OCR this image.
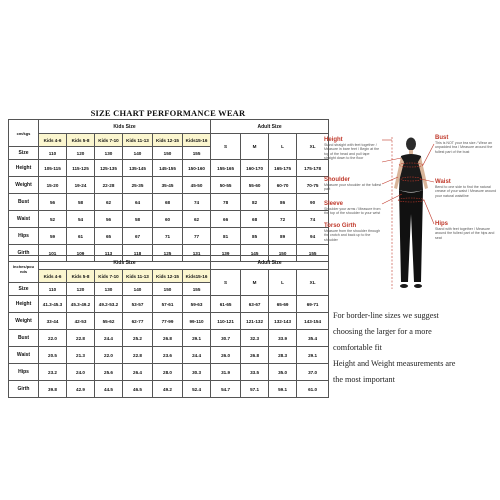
SIZE CHART PERFORMANCE WEAR
cm/kgs	Kids Size						Adult Size			
	Kids 4-6	Kids 5-8	Kids 7-10	Kids 11-13	Kids 12-15	Kids15-16	S	M	L	XL
Size	110	120	130	140	150	155				
Height	105-115	115-125	125-135	135-145	145-155	150-160	155-165	160-170	165-175	175-178
Weight	15-20	19-24	22-28	25-35	35-45	45-50	50-55	55-60	60-70	70-75
Bust	56	58	62	64	68	74	78	82	86	90
Waist	52	54	56	58	60	62	66	68	72	74
Hips	59	61	65	67	71	77	81	85	89	94
Girth	101	109	113	118	125	131	139	145	150	155
Inches/pou nds	Kids Size						Adult Size			
	Kids 4-6	Kids 5-8	Kids 7-10	Kids 11-13	Kids 12-15	Kids15-16	S	M	L	XL
Size	110	120	130	140	150	155				
Height	41.3-45.3	45.3-49.2	49.2-53.2	53-57	57-61	59-63	61-65	63-67	65-69	69-71
Weight	33-44	42-53	55-62	62-77	77-99	99-110	110-121	121-132	132-143	143-154
Bust	22.0	22.8	24.4	25.2	26.8	29.1	30.7	32.3	33.9	35.4
Waist	20.5	21.3	22.0	22.8	23.6	24.4	26.0	26.8	28.3	29.1
Hips	23.2	24.0	25.6	26.4	28.0	30.3	31.9	33.5	35.0	37.0
Girth	39.8	42.9	44.5	46.5	49.2	52.4	54.7	57.1	59.1	61.0
Height
Stand straight with feet together / Measure in bare feet / Begin at the top of the head and pull tape straight down to the floor
Shoulder
Measure your shoulder at the fullest part
Sleeve
Shoulder your arms / Measure from the top of the shoulder to your wrist
Torso Girth
Measure from the shoulder through the crotch and back up to the shoulder
Bust
This is NOT your bra size / Wear an unpadded bra / Measure around the fullest part of the bust
Waist
Bend to one side to find the natural crease of your waist / Measure around your natural waistline
Hips
Stand with feet together / Measure around the fullest part of the hips and seat
For border-line sizes we suggest
choosing the larger for a more
comfortable fit
Height and Weight measurements are
the most important
